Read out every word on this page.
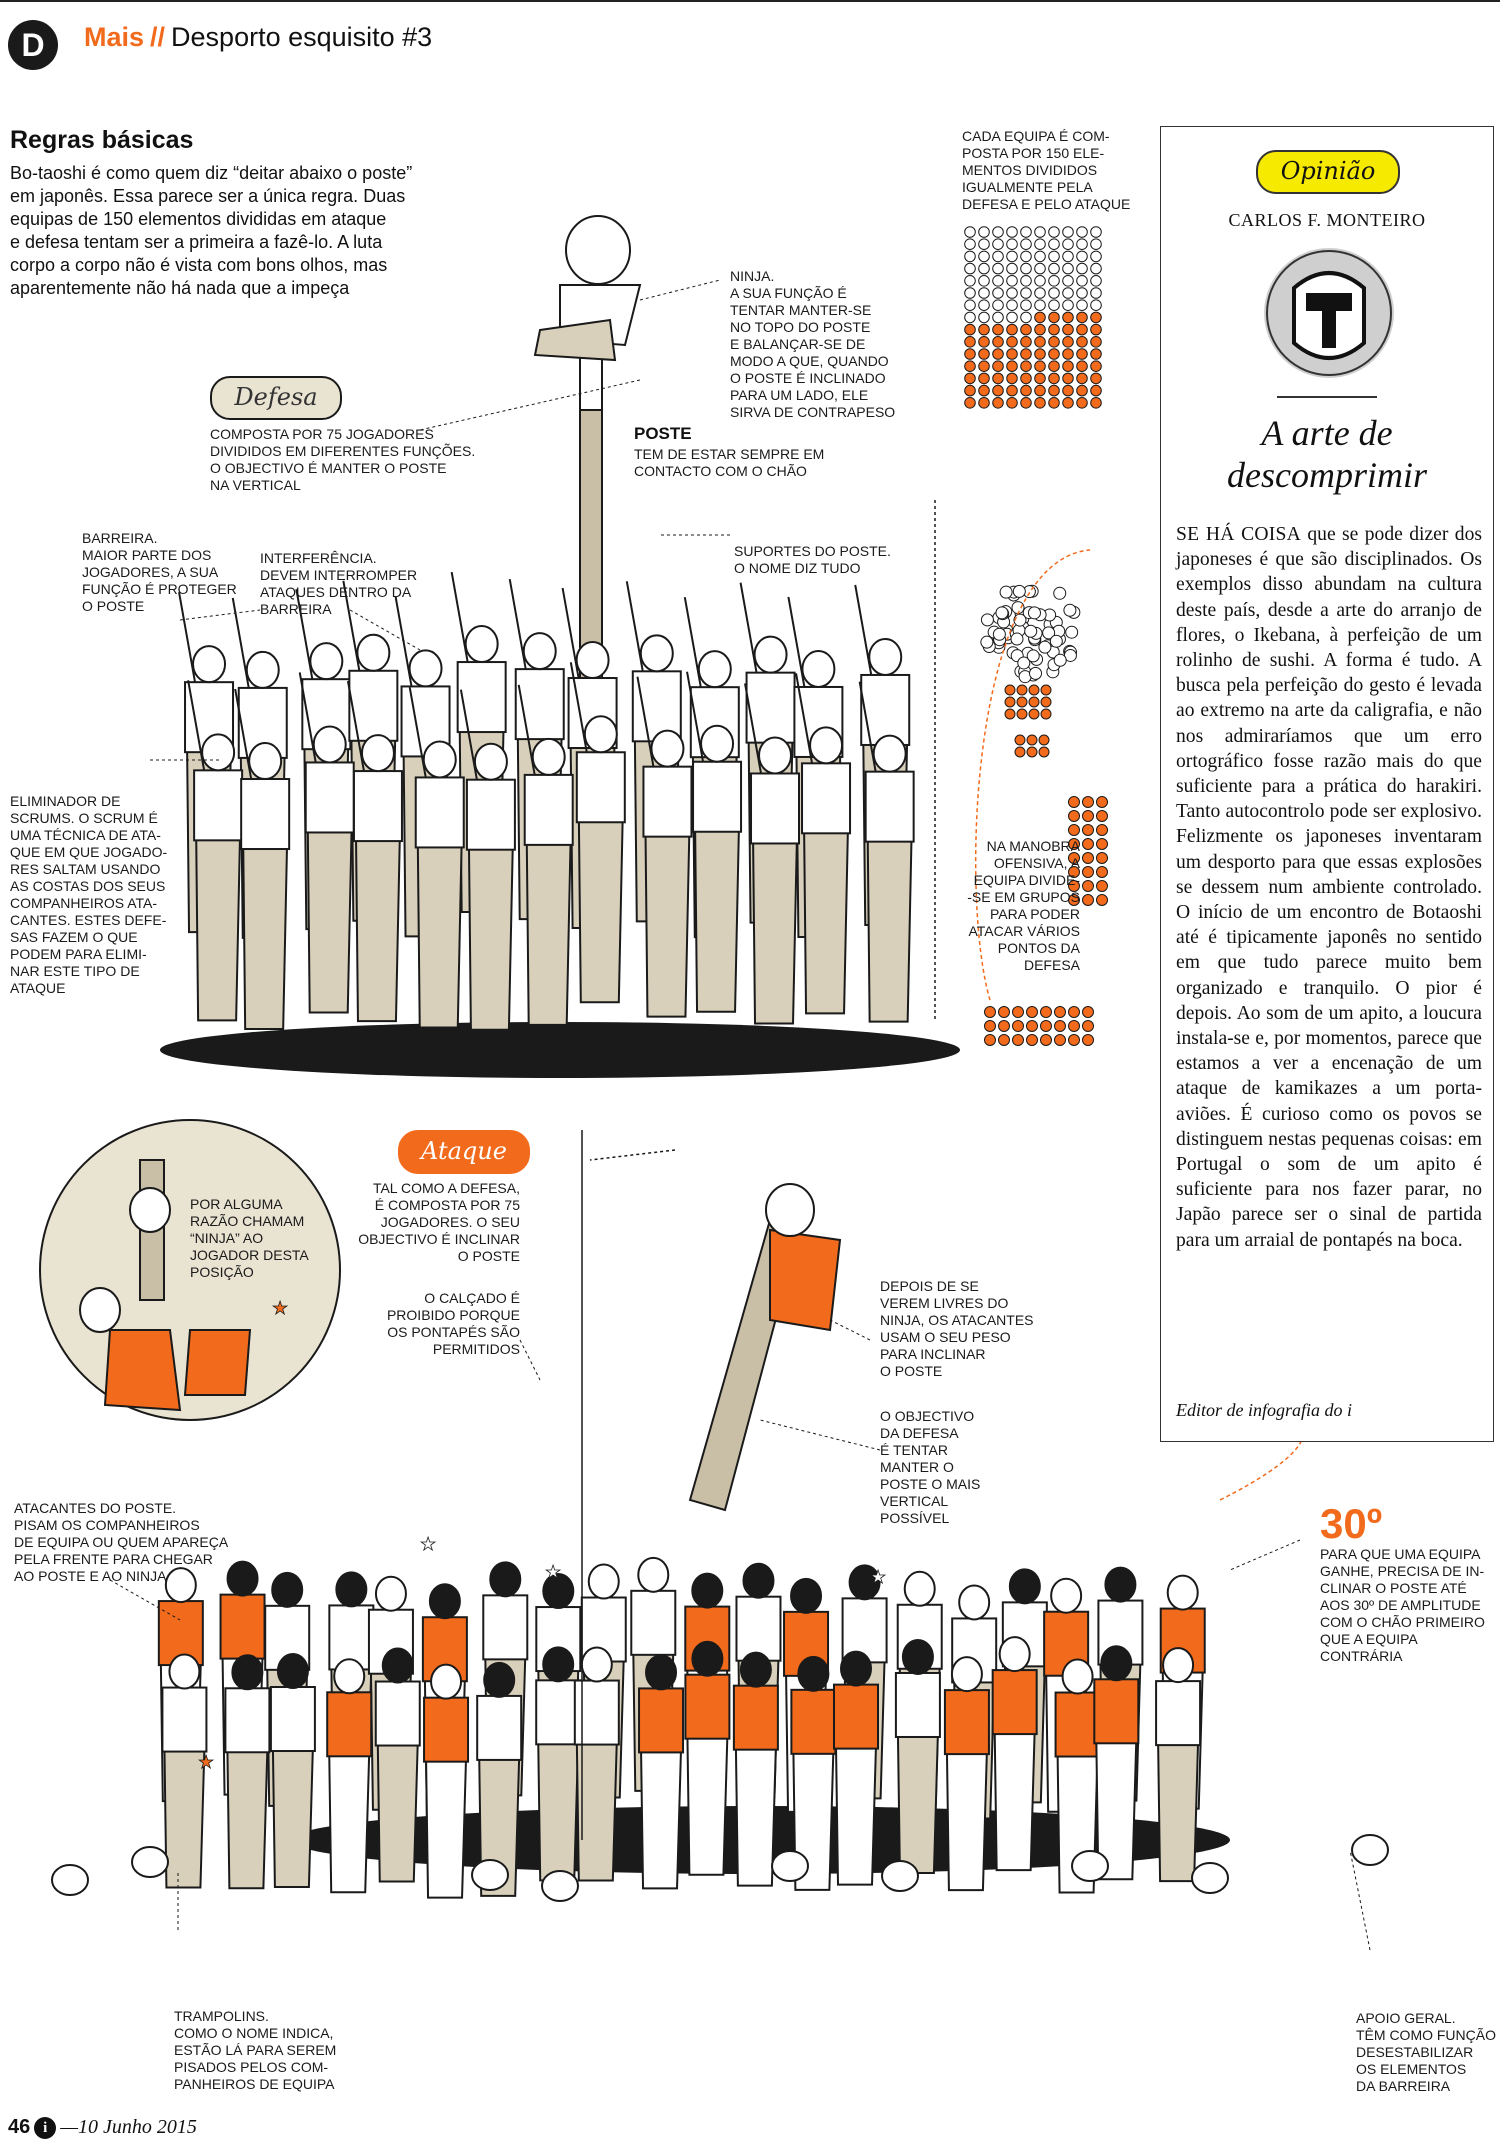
D	Mais // Desporto esquisito #3
Regras básicas
Bo-taoshi é como quem diz “deitar abaixo o poste”
em japonês. Essa parece ser a única regra. Duas
equipas de 150 elementos divididas em ataque
e defesa tentam ser a primeira a fazê-lo. A luta
corpo a corpo não é vista com bons olhos, mas
aparentemente não há nada que a impeça
★
★
★
★	★
Defesa
COMPOSTA POR 75 JOGADORES
DIVIDIDOS EM DIFERENTES FUNÇÕES.
O OBJECTIVO É MANTER O POSTE
NA VERTICAL
CADA EQUIPA É COM-
POSTA POR 150 ELE-
MENTOS DIVIDIDOS
IGUALMENTE PELA
DEFESA E PELO ATAQUE
NINJA.
A SUA FUNÇÃO É
TENTAR MANTER-SE
NO TOPO DO POSTE
E BALANÇAR-SE DE
MODO A QUE, QUANDO
O POSTE É INCLINADO
PARA UM LADO, ELE
SIRVA DE CONTRAPESO
POSTE
TEM DE ESTAR SEMPRE EM
CONTACTO COM O CHÃO
BARREIRA.
MAIOR PARTE DOS
JOGADORES, A SUA
FUNÇÃO É PROTEGER
O POSTE
INTERFERÊNCIA.
DEVEM INTERROMPER
ATAQUES DENTRO DA
BARREIRA
SUPORTES DO POSTE.
O NOME DIZ TUDO
ELIMINADOR DE
SCRUMS. O SCRUM É
UMA TÉCNICA DE ATA-
QUE EM QUE JOGADO-
RES SALTAM USANDO
AS COSTAS DOS SEUS
COMPANHEIROS ATA-
CANTES. ESTES DEFE-
SAS FAZEM O QUE
PODEM PARA ELIMI-
NAR ESTE TIPO DE
ATAQUE
NA MANOBRA
OFENSIVA, A
EQUIPA DIVIDE-
-SE EM GRUPOS
PARA PODER
ATACAR VÁRIOS
PONTOS DA
DEFESA
Ataque
TAL COMO A DEFESA,
É COMPOSTA POR 75
JOGADORES. O SEU
OBJECTIVO É INCLINAR
O POSTE
POR ALGUMA
RAZÃO CHAMAM
“NINJA” AO
JOGADOR DESTA
POSIÇÃO
O CALÇADO É
PROIBIDO PORQUE
OS PONTAPÉS SÃO
PERMITIDOS
DEPOIS DE SE
VEREM LIVRES DO
NINJA, OS ATACANTES
USAM O SEU PESO
PARA INCLINAR
O POSTE
O OBJECTIVO
DA DEFESA
É TENTAR
MANTER O
POSTE O MAIS
VERTICAL
POSSÍVEL
ATACANTES DO POSTE.
PISAM OS COMPANHEIROS
DE EQUIPA OU QUEM APAREÇA
PELA FRENTE PARA CHEGAR
AO POSTE E AO NINJA
30º
PARA QUE UMA EQUIPA
GANHE, PRECISA DE IN-
CLINAR O POSTE ATÉ
AOS 30º DE AMPLITUDE
COM O CHÃO PRIMEIRO
QUE A EQUIPA
CONTRÁRIA
TRAMPOLINS.
COMO O NOME INDICA,
ESTÃO LÁ PARA SEREM
PISADOS PELOS COM-
PANHEIROS DE EQUIPA
APOIO GERAL.
TÊM COMO FUNÇÃO
DESESTABILIZAR
OS ELEMENTOS
DA BARREIRA
Opinião
CARLOS F. MONTEIRO
A arte de
descomprimir
SE HÁ COISA que se pode dizer dos japoneses é que são disciplinados. Os exemplos disso abundam na cultura deste país, desde a arte do arranjo de flores, o Ikebana, à perfeição de um rolinho de sushi. A forma é tudo. A busca pela perfeição do gesto é levada ao extremo na arte da caligrafia, e não nos admiraríamos que um erro ortográfico fosse razão mais do que suficiente para a prática do harakiri. Tanto autocontrolo pode ser explosivo. Felizmente os japoneses inventaram um desporto para que essas explosões se dessem num ambiente controlado. O início de um encontro de Botaoshi até é tipicamente japonês no sentido em que tudo parece muito bem organizado e tranquilo. O pior é depois. Ao som de um apito, a loucura instala-se e, por momentos, parece que estamos a ver a encenação de um ataque de kamikazes a um porta-aviões. É curioso como os povos se distinguem nestas pequenas coisas: em Portugal o som de um apito é suficiente para nos fazer parar, no Japão parece ser o sinal de partida para um arraial de pontapés na boca.
Editor de infografia do i
46 i —10 Junho 2015
